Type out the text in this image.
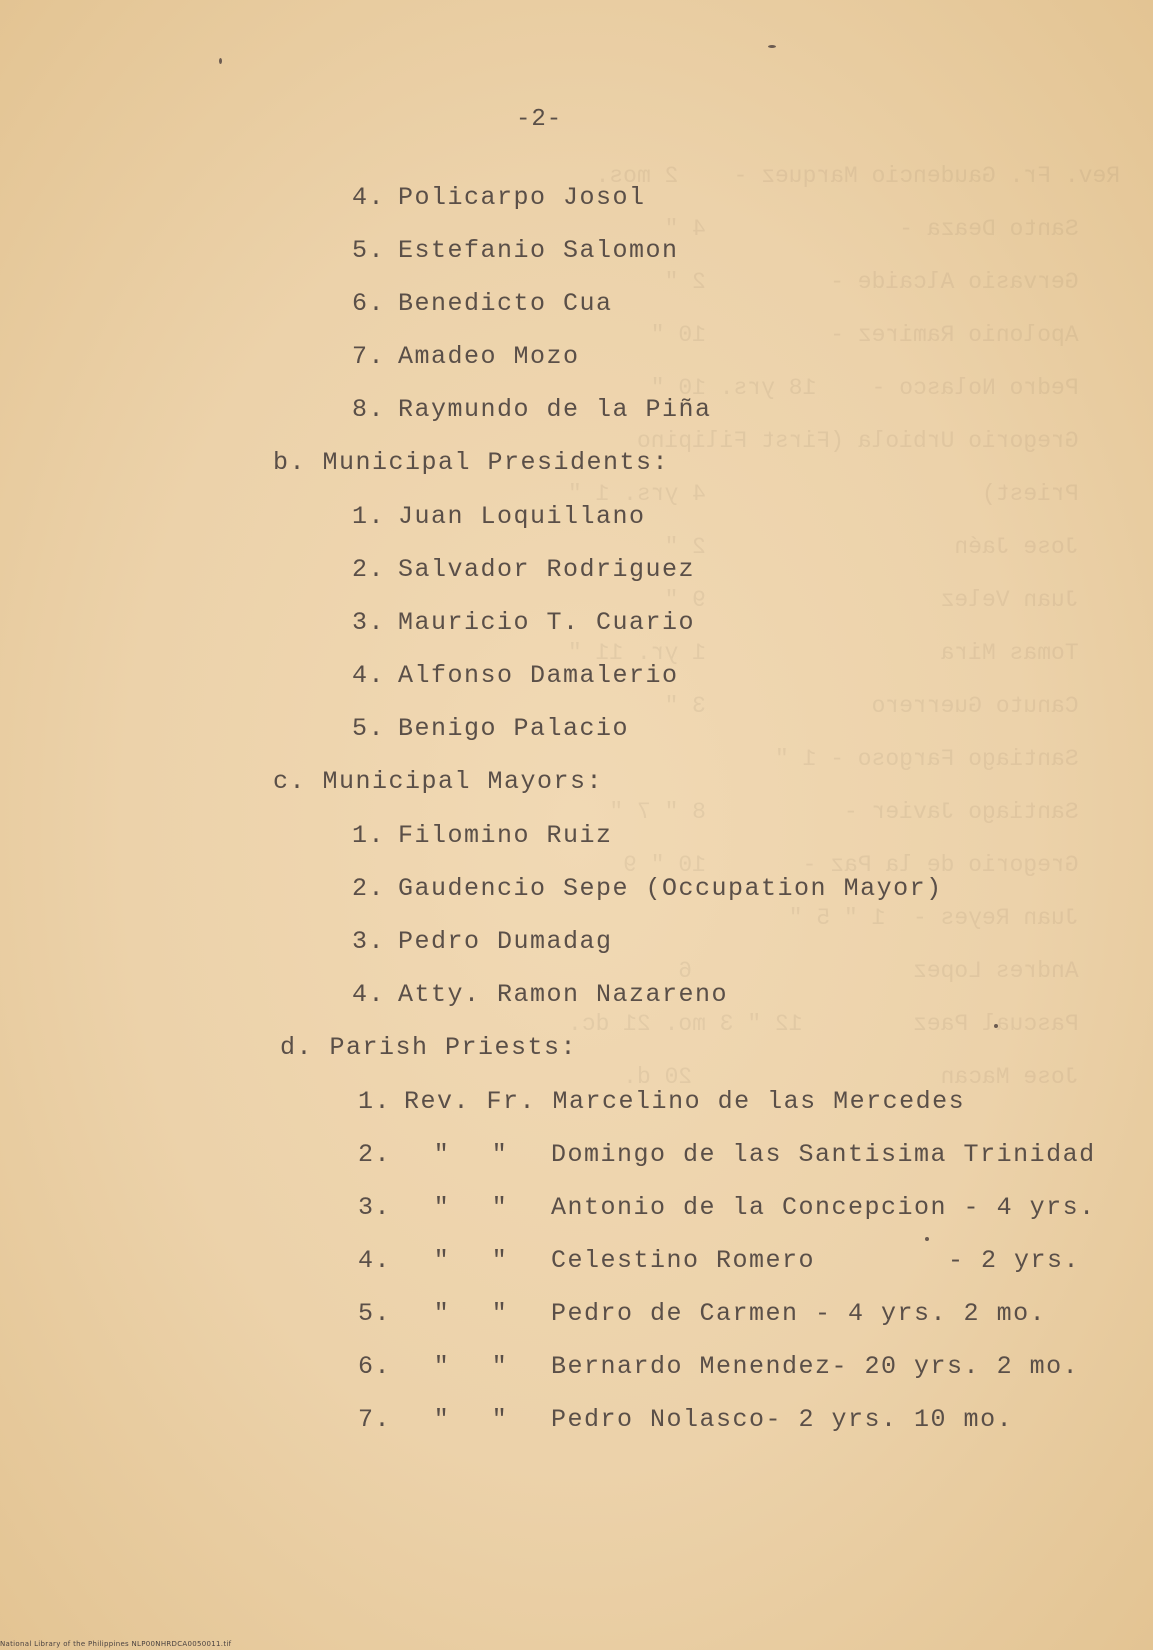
Rev. Fr. Gaudencio Marquez -    2 mos.
Santo Deaza -              4 "
Gervasio Alcaide -         2 "
Apolonio Ramirez -         10 "
Pedro Nolasco -    18 yrs. 10 "
Gregorio Urbiola (First Filipino
Priest)                    4 yrs. 1 "
Jose Jaén                  2 "
Juan Velez                 9 "
Tomas Mira                 1 yr. 11 "
Canuto Guerrero            3 "
Santiago Fargoso - 1 "
Santiago Javier -          8 " 7 "
Gregorio de la Paz -       10 " 9
Juan Reyes -  1 " 5 "
Andres Lopez                6
Pascual Paez        12 " 3 mo. 21 dc.
Jose Macan                  20 d.
-2-
4. Policarpo Josol
5. Estefanio Salomon
6. Benedicto Cua
7. Amadeo Mozo
8. Raymundo de la Piña
b. Municipal Presidents:
1. Juan Loquillano
2. Salvador Rodriguez
3. Mauricio T. Cuario
4. Alfonso Damalerio
5. Benigo Palacio
c. Municipal Mayors:
1. Filomino Ruiz
2. Gaudencio Sepe (Occupation Mayor)
3. Pedro Dumadag
4. Atty. Ramon Nazareno
d. Parish Priests:
1. Rev. Fr. Marcelino de las Mercedes
2. " " Domingo de las Santisima Trinidad
3. " " Antonio de la Concepcion - 4 yrs.
4. " " Celestino Romero	- 2 yrs.
5. " " Pedro de Carmen - 4 yrs. 2 mo.
6. " " Bernardo Menendez- 20 yrs. 2 mo.
7. " " Pedro Nolasco- 2 yrs. 10 mo.
National Library of the Philippines NLP00NHRDCA0050011.tif
